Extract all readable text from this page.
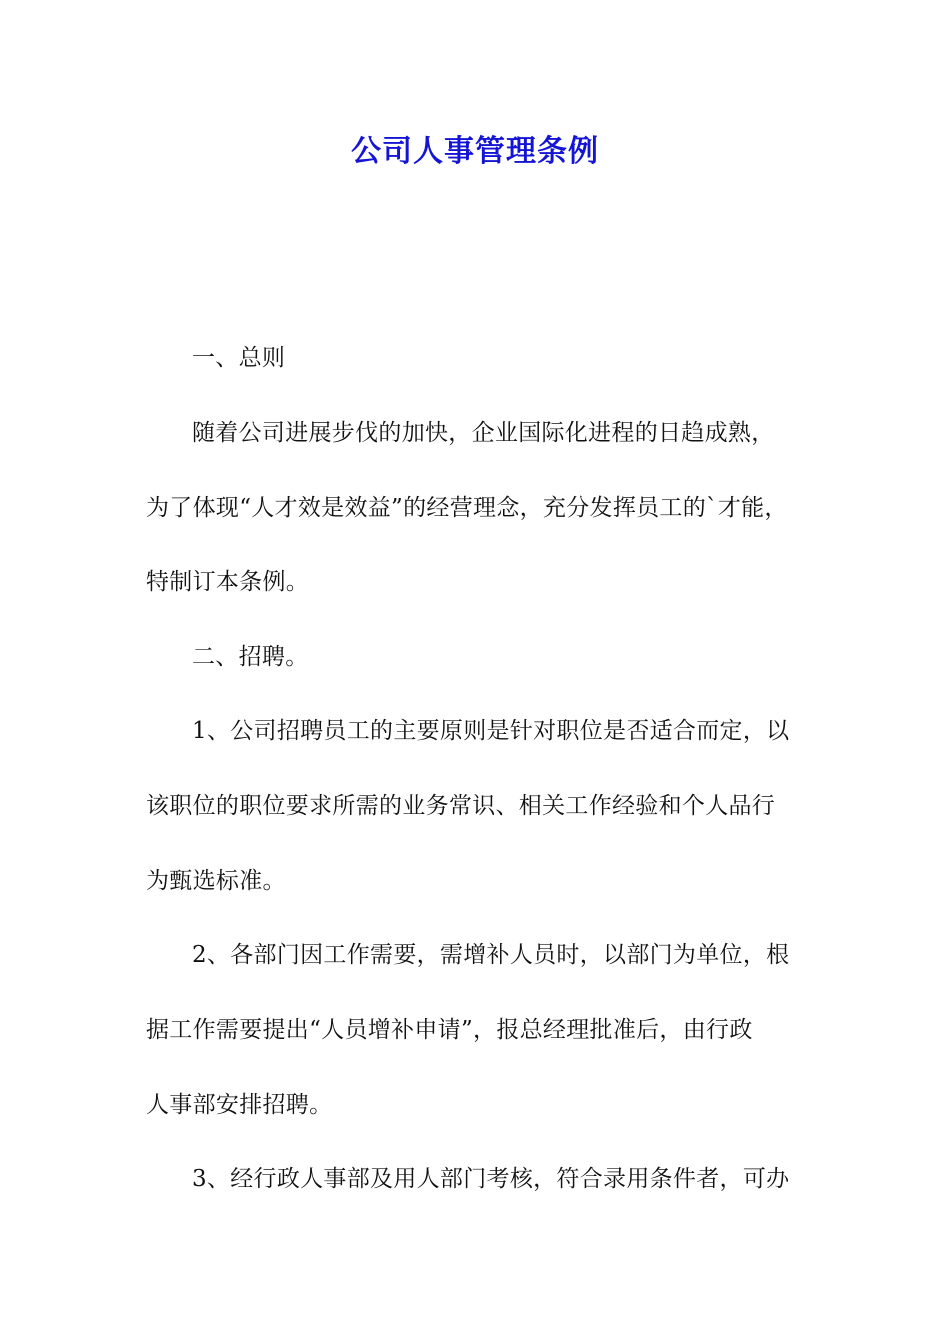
公司人事管理条例
一、总则
随着公司进展步伐的加快，企业国际化进程的日趋成熟，
为了体现“人才效是效益”的经营理念，充分发挥员工的`才能，
特制订本条例。
二、招聘。
1、公司招聘员工的主要原则是针对职位是否适合而定，以
该职位的职位要求所需的业务常识、相关工作经验和个人品行
为甄选标准。
2、各部门因工作需要，需增补人员时，以部门为单位，根
据工作需要提出“人员增补申请”，报总经理批准后，由行政
人事部安排招聘。
3、经行政人事部及用人部门考核，符合录用条件者，可办
